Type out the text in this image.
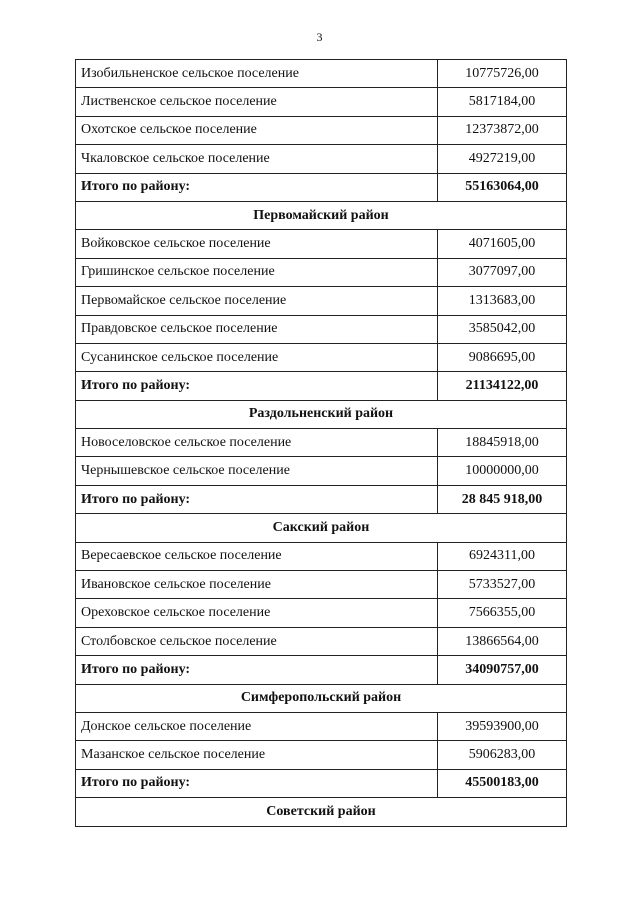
3
Изобильненское сельское поселение	10775726,00
Лиственское сельское поселение	5817184,00
Охотское сельское поселение	12373872,00
Чкаловское сельское поселение	4927219,00
Итого по району:	55163064,00
Первомайский район	
Войковское сельское поселение	4071605,00
Гришинское сельское поселение	3077097,00
Первомайское сельское поселение	1313683,00
Правдовское сельское поселение	3585042,00
Сусанинское сельское поселение	9086695,00
Итого по району:	21134122,00
Раздольненский район	
Новоселовское сельское поселение	18845918,00
Чернышевское сельское поселение	10000000,00
Итого по району:	28 845 918,00
Сакский район	
Вересаевское сельское поселение	6924311,00
Ивановское сельское поселение	5733527,00
Ореховское сельское поселение	7566355,00
Столбовское сельское поселение	13866564,00
Итого по району:	34090757,00
Симферопольский район	
Донское сельское поселение	39593900,00
Мазанское сельское поселение	5906283,00
Итого по району:	45500183,00
Советский район	
